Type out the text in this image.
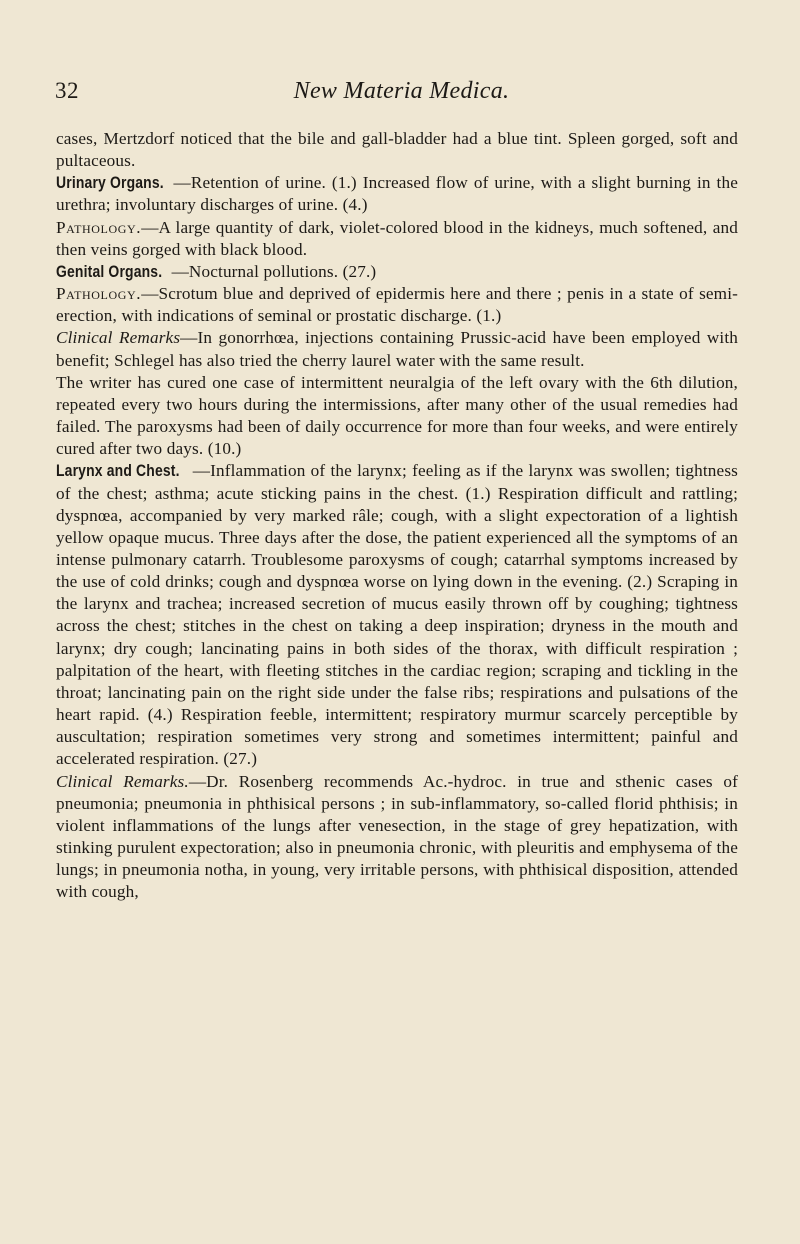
32	New Materia Medica.

cases, Mertzdorf noticed that the bile and gall-bladder had a blue tint. Spleen gorged, soft and pultaceous.

Urinary Organs. —Retention of urine. (1.) Increased flow of urine, with a slight burning in the urethra; involuntary discharges of urine. (4.)

Pathology.—A large quantity of dark, violet-colored blood in the kidneys, much softened, and then veins gorged with black blood.

Genital Organs. —Nocturnal pollutions. (27.)

Pathology.—Scrotum blue and deprived of epidermis here and there ; penis in a state of semi-erection, with indications of seminal or prostatic discharge. (1.)

Clinical Remarks—In gonorrhœa, injections containing Prussic-acid have been employed with benefit; Schlegel has also tried the cherry laurel water with the same result.

The writer has cured one case of intermittent neuralgia of the left ovary with the 6th dilution, repeated every two hours during the intermissions, after many other of the usual remedies had failed. The paroxysms had been of daily occurrence for more than four weeks, and were entirely cured after two days. (10.)

Larynx and Chest. —Inflammation of the larynx; feeling as if the larynx was swollen; tightness of the chest; asthma; acute sticking pains in the chest. (1.) Respiration difficult and rattling; dyspnœa, accompanied by very marked râle; cough, with a slight expectoration of a lightish yellow opaque mucus. Three days after the dose, the patient experienced all the symptoms of an intense pulmonary catarrh. Troublesome paroxysms of cough; catarrhal symptoms increased by the use of cold drinks; cough and dyspnœa worse on lying down in the evening. (2.) Scraping in the larynx and trachea; increased secretion of mucus easily thrown off by coughing; tightness across the chest; stitches in the chest on taking a deep inspiration; dryness in the mouth and larynx; dry cough; lancinating pains in both sides of the thorax, with difficult respiration ; palpitation of the heart, with fleeting stitches in the cardiac region; scraping and tickling in the throat; lancinating pain on the right side under the false ribs; respirations and pulsations of the heart rapid. (4.) Respiration feeble, intermittent; respiratory murmur scarcely perceptible by auscultation; respiration sometimes very strong and sometimes intermittent; painful and accelerated respiration. (27.)

Clinical Remarks.—Dr. Rosenberg recommends Ac.-hydroc. in true and sthenic cases of pneumonia; pneumonia in phthisical persons ; in sub-inflammatory, so-called florid phthisis; in violent inflammations of the lungs after venesection, in the stage of grey hepatization, with stinking purulent expectoration; also in pneumonia chronic, with pleuritis and emphysema of the lungs; in pneumonia notha, in young, very irritable persons, with phthisical disposition, attended with cough,
